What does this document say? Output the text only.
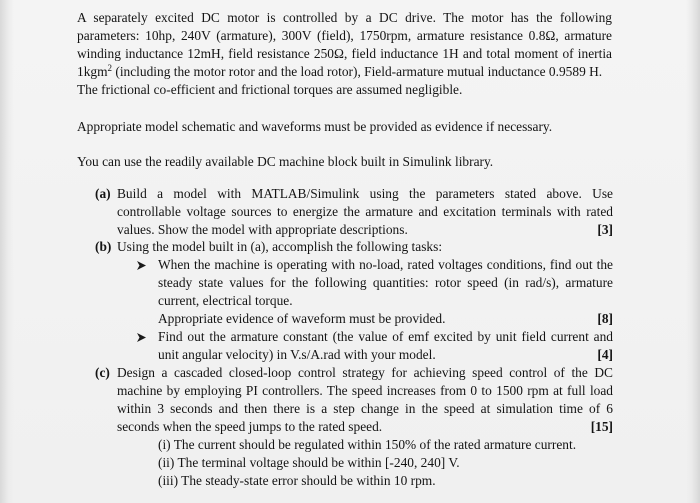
A separately excited DC motor is controlled by a DC drive. The motor has the following
parameters: 10hp, 240V (armature), 300V (field), 1750rpm, armature resistance 0.8Ω, armature
winding inductance 12mH, field resistance 250Ω, field inductance 1H and total moment of inertia
1kgm$^2$ (including the motor rotor and the load rotor), Field-armature mutual inductance 0.9589 H.
The frictional co-efficient and frictional torques are assumed negligible.
Appropriate model schematic and waveforms must be provided as evidence if necessary.
You can use the readily available DC machine block built in Simulink library.
(a) Build a model with MATLAB/Simulink using the parameters stated above. Use
controllable voltage sources to energize the armature and excitation terminals with rated
values. Show the model with appropriate descriptions.	[3]
(b) Using the model built in (a), accomplish the following tasks:
When the machine is operating with no-load, rated voltages conditions, find out the
steady state values for the following quantities: rotor speed (in rad/s), armature
current, electrical torque.
Appropriate evidence of waveform must be provided.	[8]
Find out the armature constant (the value of emf excited by unit field current and
unit angular velocity) in V.s/A.rad with your model.	[4]
(c) Design a cascaded closed-loop control strategy for achieving speed control of the DC
machine by employing PI controllers. The speed increases from 0 to 1500 rpm at full load
within 3 seconds and then there is a step change in the speed at simulation time of 6
seconds when the speed jumps to the rated speed.	[15]
(i) The current should be regulated within 150% of the rated armature current.
(ii) The terminal voltage should be within [-240, 240] V.
(iii) The steady-state error should be within 10 rpm.
